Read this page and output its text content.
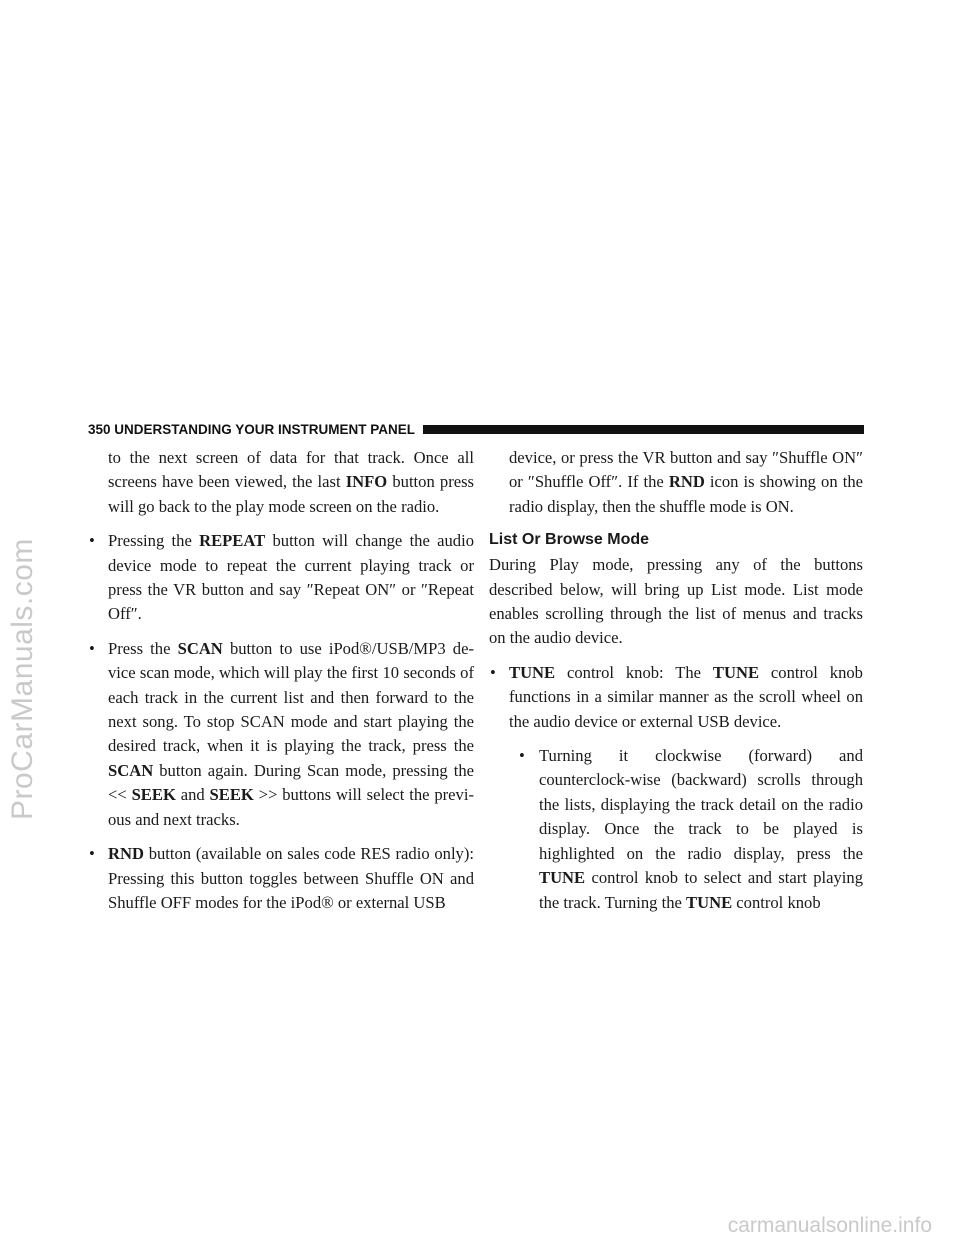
ProCarManuals.com
carmanualsonline.info
350 UNDERSTANDING YOUR INSTRUMENT PANEL

to the next screen of data for that track. Once all screens have been viewed, the last INFO button press will go back to the play mode screen on the radio.

• Pressing the REPEAT button will change the audio device mode to repeat the current playing track or press the VR button and say ″Repeat ON″ or ″Repeat Off″.
• Press the SCAN button to use iPod®/USB/MP3 de-vice scan mode, which will play the first 10 seconds of each track in the current list and then forward to the next song. To stop SCAN mode and start playing the desired track, when it is playing the track, press the SCAN button again. During Scan mode, pressing the << SEEK and SEEK >> buttons will select the previ-ous and next tracks.
• RND button (available on sales code RES radio only): Pressing this button toggles between Shuffle ON and Shuffle OFF modes for the iPod® or external USB

device, or press the VR button and say ″Shuffle ON″ or ″Shuffle Off″. If the RND icon is showing on the radio display, then the shuffle mode is ON.

List Or Browse Mode

During Play mode, pressing any of the buttons described below, will bring up List mode. List mode enables scrolling through the list of menus and tracks on the audio device.

• TUNE control knob: The TUNE control knob functions in a similar manner as the scroll wheel on the audio device or external USB device.
• Turning it clockwise (forward) and counterclock-wise (backward) scrolls through the lists, displaying the track detail on the radio display. Once the track to be played is highlighted on the radio display, press the TUNE control knob to select and start playing the track. Turning the TUNE control knob
